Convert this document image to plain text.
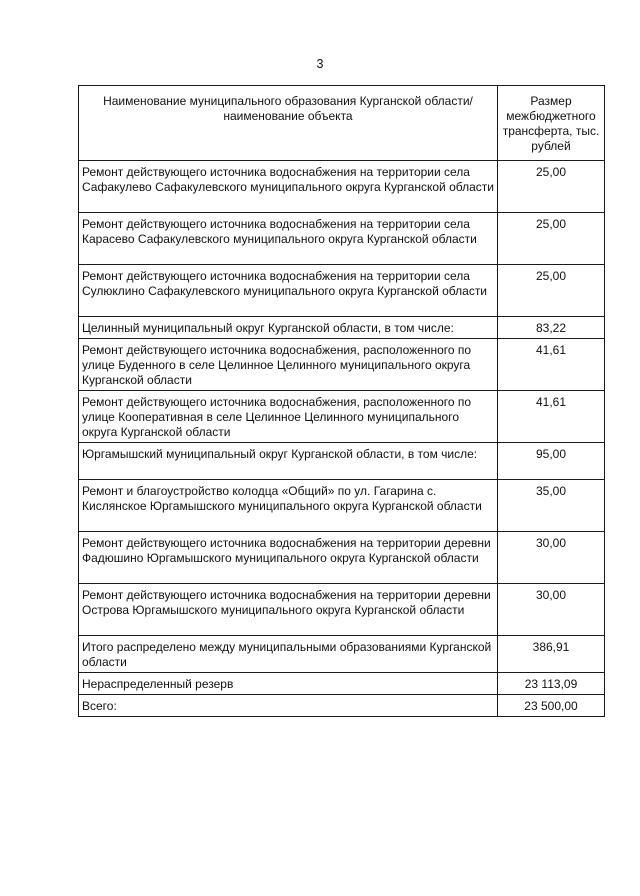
3
Наименование муниципального образования Курганской области/наименование объекта	Размер межбюджетного трансферта, тыс. рублей
Ремонт действующего источника водоснабжения на территории села Сафакулево Сафакулевского муниципального округа Курганской области	25,00
Ремонт действующего источника водоснабжения на территории села Карасево Сафакулевского муниципального округа Курганской области	25,00
Ремонт действующего источника водоснабжения на территории села Сулюклино Сафакулевского муниципального округа Курганской области	25,00
Целинный муниципальный округ Курганской области, в том числе:	83,22
Ремонт действующего источника водоснабжения, расположенного по улице Буденного в селе Целинное Целинного муниципального округа Курганской области	41,61
Ремонт действующего источника водоснабжения, расположенного по улице Кооперативная в селе Целинное Целинного муниципального округа Курганской области	41,61
Юргамышский муниципальный округ Курганской области, в том числе:	95,00
Ремонт и благоустройство колодца «Общий» по ул. Гагарина с. Кислянское Юргамышского муниципального округа Курганской области	35,00
Ремонт действующего источника водоснабжения на территории деревни Фадюшино Юргамышского муниципального округа Курганской области	30,00
Ремонт действующего источника водоснабжения на территории деревни Острова Юргамышского муниципального округа Курганской области	30,00
Итого распределено между муниципальными образованиями Курганской области	386,91
Нераспределенный резерв	23 113,09
Всего:	23 500,00
